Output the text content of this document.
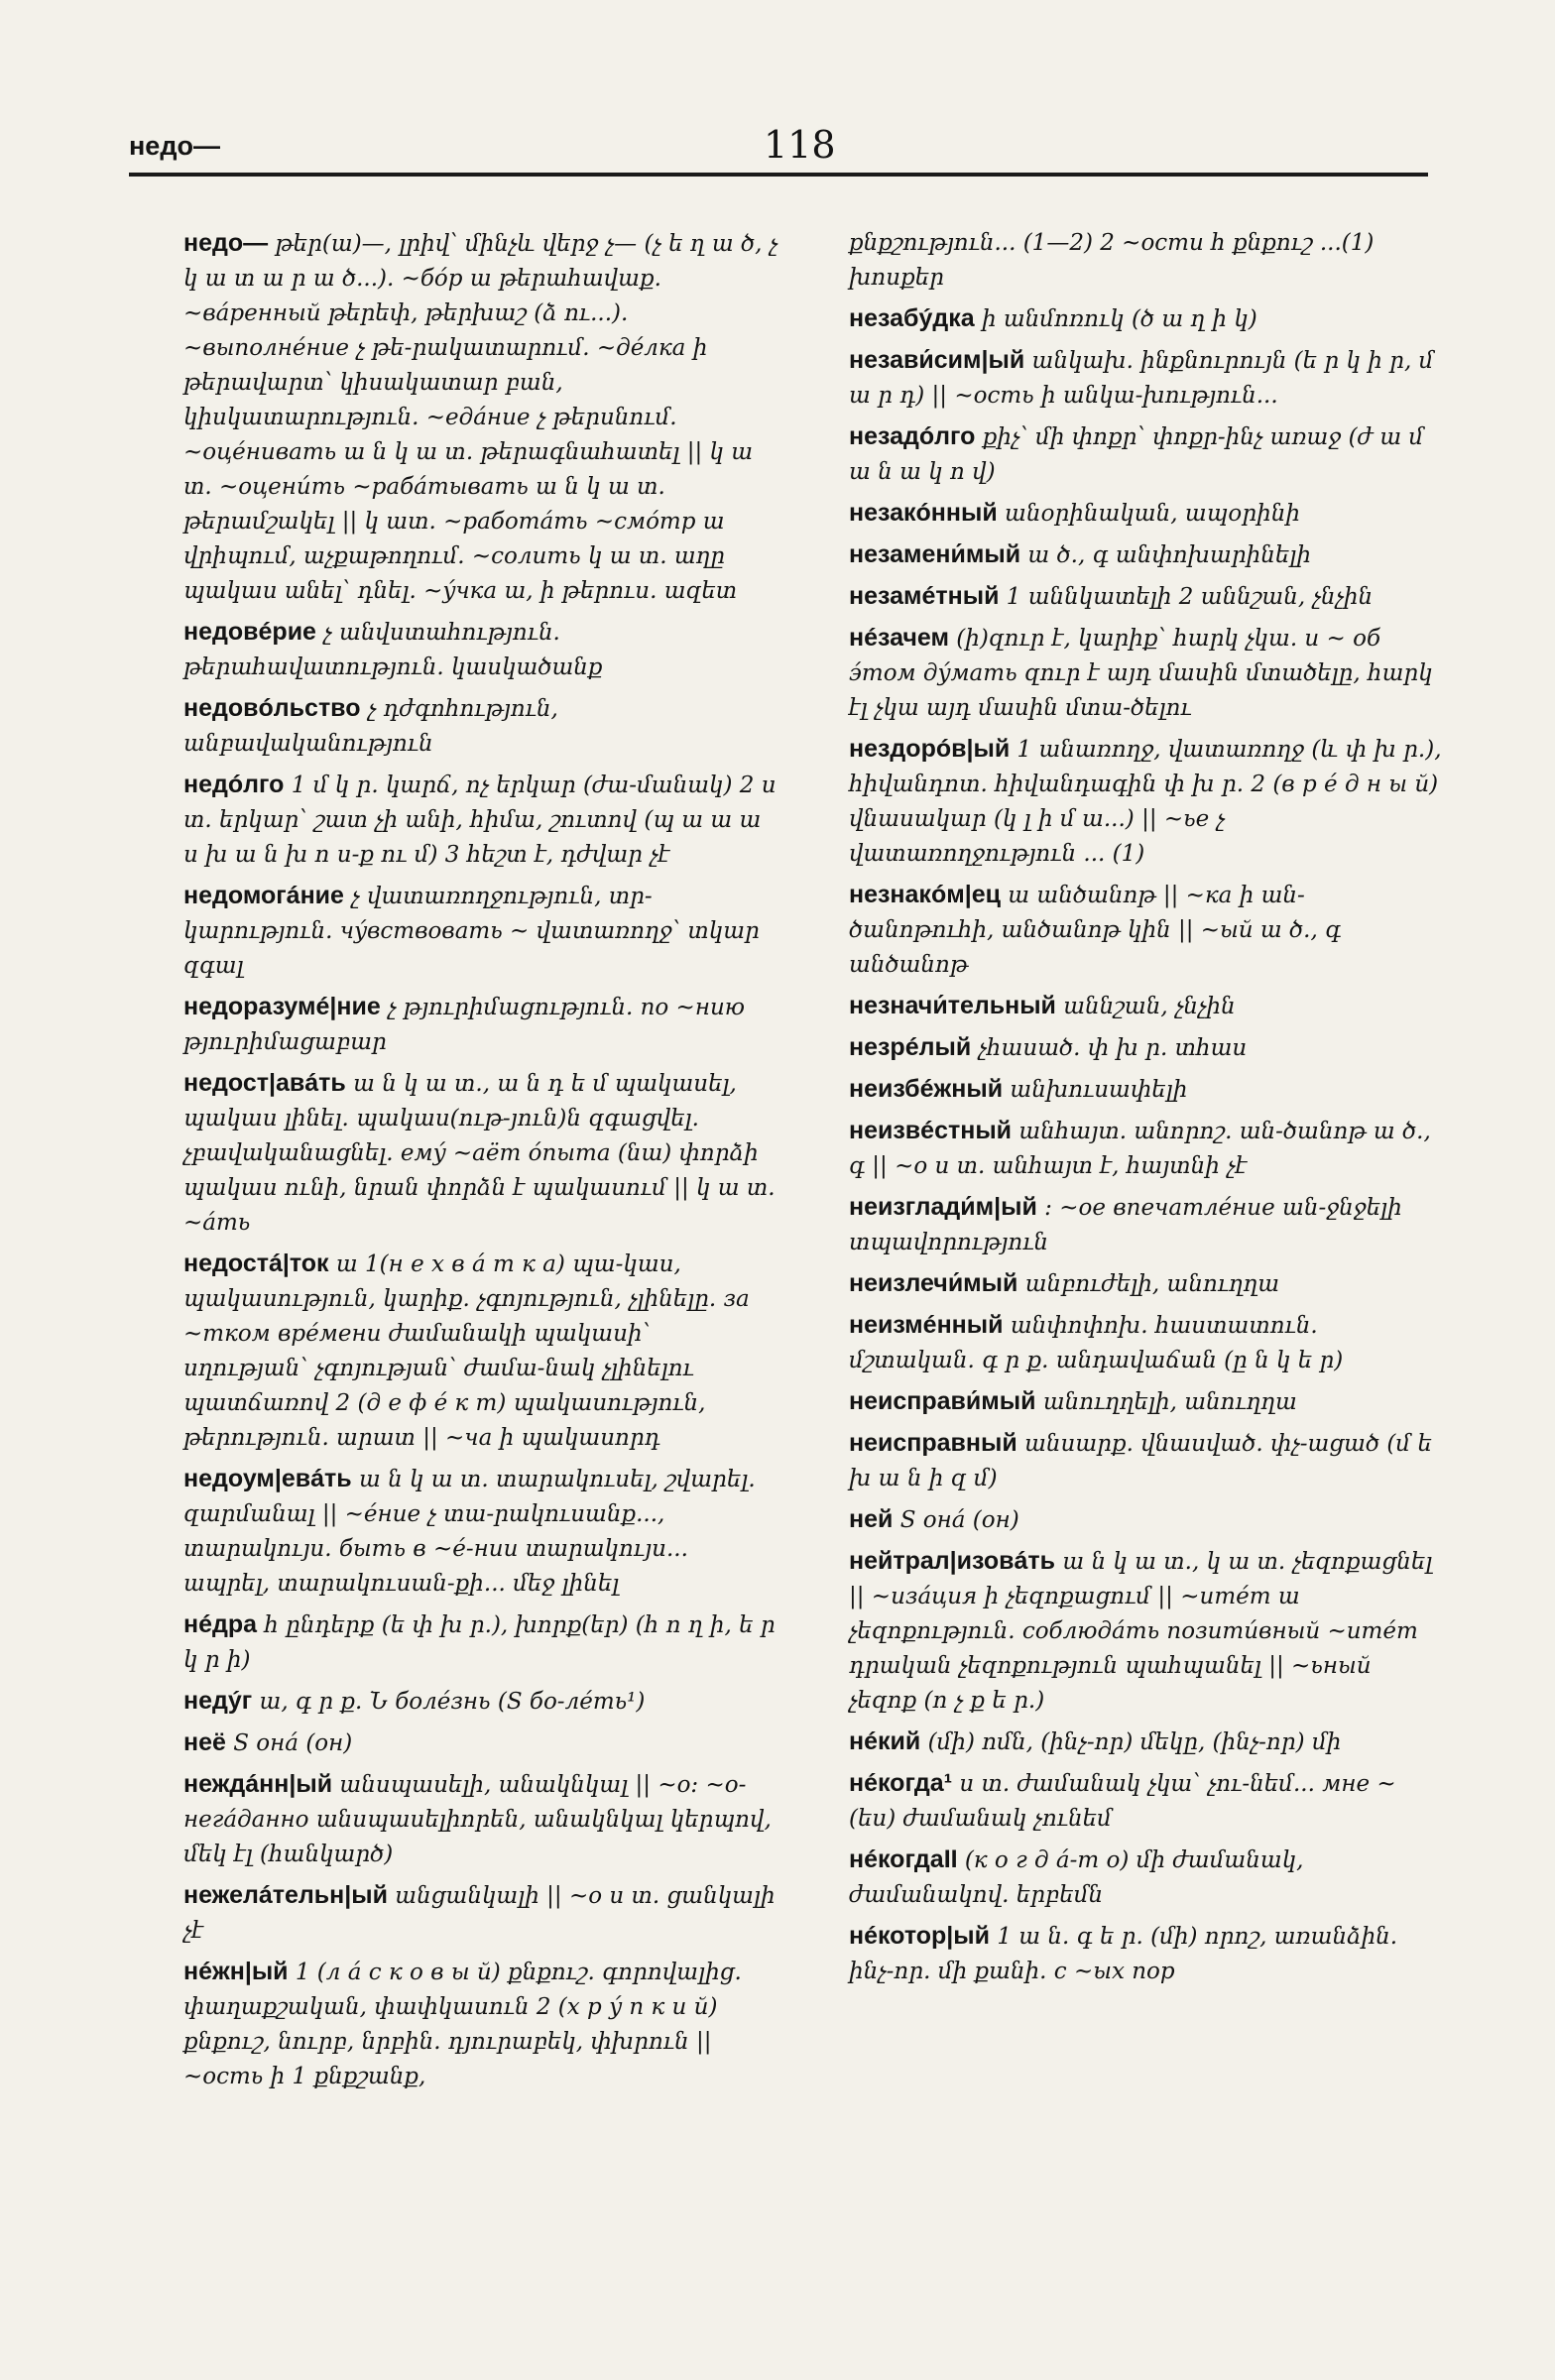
недо—	118

недо— թեր(ա)—, լրիվ՝ մինչև վերջ չ— (չ ե ղ ա ծ, չ կ ա տ ա ր ա ծ...). ~бóр ա թերահավաք. ~вáренный թերեփ, թերխաշ (ձ ու...). ~выполнéние չ թե-րակատարում. ~дéлка ի թերավարտ՝ կիսակատար բան, կիսկատարություն. ~едáние չ թերսնում. ~оцéнивать ա ն կ ա տ. թերագնահատել || կ ա տ. ~оцени́ть ~рабáтывать ա ն կ ա տ. թերամշակել || կ ատ. ~работáть ~смóтр ա վրիպում, աչքաթողում. ~солить կ ա տ. աղը պակաս անել՝ դնել. ~ýчка ա, ի թերուս. ազետ

недовéрие չ անվստահություն. թերահավատություն. կասկածանք

недовóльство չ դժգոհություն, անբավականություն

недóлго 1 մ կ ր. կարճ, ոչ երկար (ժա-մանակ) 2 ս տ. երկար՝ շատ չի անի, հիմա, շուտով (պ ա ա ա ս խ ա ն խ ո ս-ք ու մ) 3 հեշտ է, դժվար չէ

недомогáние չ վատառողջություն, տր-կարություն. чýвствовать ~ վատառողջ՝ տկար զգալ

недоразумé|ние չ թյուրիմացություն. по ~нию թյուրիմացաբար

недост|авáть ա ն կ ա տ., ա ն դ ե մ պակասել, պակաս լինել. պակաս(ութ-յուն)ն զգացվել. չբավականացնել. емý ~аёт óпыта (նա) փորձի պակաս ունի, նրան փորձն է պակասում || կ ա տ. ~áть

недостá|ток ա 1(н е х в á т к а) պա-կաս, պակասություն, կարիք. չգոյություն, չլինելը. за ~тком врéмени ժամանակի պակասի՝ սղության՝ չգոյության՝ ժամա-նակ չլինելու պատճառով 2 (д е ф é к т) պակասություն, թերություն. արատ || ~ча ի պակասորդ

недоум|евáть ա ն կ ա տ. տարակուսել, շվարել. զարմանալ || ~éние չ տա-րակուսանք..., տարակույս. быть в ~é-нии տարակույս... ապրել, տարակուսան-քի... մեջ լինել

нéдра հ ընդերք (ե փ խ ր.), խորք(եր) (հ ո ղ ի, ե ր կ ր ի)

недýг ա, գ ր ք. Ն болéзнь (S бо-лéть¹)

неё S онá (он)

неждáнн|ый անսպասելի, անակնկալ || ~о: ~о-негáданно անսպասելիորեն, անակնկալ կերպով, մեկ էլ (հանկարծ)

нежелáтельн|ый անցանկալի || ~о ս տ. ցանկալի չէ

нéжн|ый 1 (л á с к о в ы й) քնքուշ. գորովալից. փաղաքշական, փափկասուն 2 (х р ý п к и й) քնքուշ, նուրբ, նրբին. դյուրաբեկ, փխրուն || ~ость ի 1 քնքշանք,

քնքշություն... (1—2) 2 ~ости հ քնքուշ ...(1) խոսքեր

незабýдка ի անմոռուկ (ծ ա ղ ի կ)

незави́сим|ый անկախ. ինքնուրույն (ե ր կ ի ր, մ ա ր դ) || ~ость ի անկա-խություն...

незадóлго քիչ՝ մի փոքր՝ փոքր-ինչ առաջ (ժ ա մ ա ն ա կ ո վ)

незакóнный անօրինական, ապօրինի

незамени́мый ա ծ., գ անփոխարինելի

незамéтный 1 աննկատելի 2 աննշան, չնչին

нéзачем (ի)զուր է, կարիք՝ հարկ չկա. и ~ об э́том дýмать զուր է այդ մասին մտածելը, հարկ էլ չկա այդ մասին մտա-ծելու

нездорóв|ый 1 անառողջ, վատառողջ (և փ խ ր.), հիվանդոտ. հիվանդագին փ խ ր. 2 (в р é д н ы й) վնասակար (կ լ ի մ ա...) || ~ье չ վատառողջություն ... (1)

незнакóм|ец ա անծանոթ || ~ка ի ան-ծանոթուհի, անծանոթ կին || ~ый ա ծ., գ անծանոթ

незначи́тельный աննշան, չնչին

незрéлый չհասած. փ խ ր. տհաս

неизбéжный անխուսափելի

неизвéстный անհայտ. անորոշ. ան-ծանոթ ա ծ., գ || ~о ս տ. անհայտ է, հայտնի չէ

неизглади́м|ый : ~ое впечатлéние ան-ջնջելի տպավորություն

неизлечи́мый անբուժելի, անուղղա

неизмéнный անփոփոխ. հաստատուն. մշտական. գ ր ք. անդավաճան (ը ն կ ե ր)

неисправи́мый անուղղելի, անուղղա

неисправный անսարք. վնասված. փչ-ացած (մ ե խ ա ն ի զ մ)

ней S онá (он)

нейтрал|изовáть ա ն կ ա տ., կ ա տ. չեզոքացնել || ~изáция ի չեզոքացում || ~итéт ա չեզոքություն. соблюдáть позити́вный ~итéт դրական չեզոքություն պահպանել || ~ьный չեզոք (ո չ ք ե ր.)

нéкий (մի) ոմն, (ինչ-որ) մեկը, (ինչ-որ) մի

нéкогда¹ ս տ. ժամանակ չկա՝ չու-նեմ... мне ~ (ես) ժամանակ չունեմ

нéкогдаII (к о г д á-т о) մի ժամանակ, ժամանակով. երբեմն

нéкотор|ый 1 ա ն. գ ե ր. (մի) որոշ, առանձին. ինչ-որ. մի քանի. с ~ых пор
